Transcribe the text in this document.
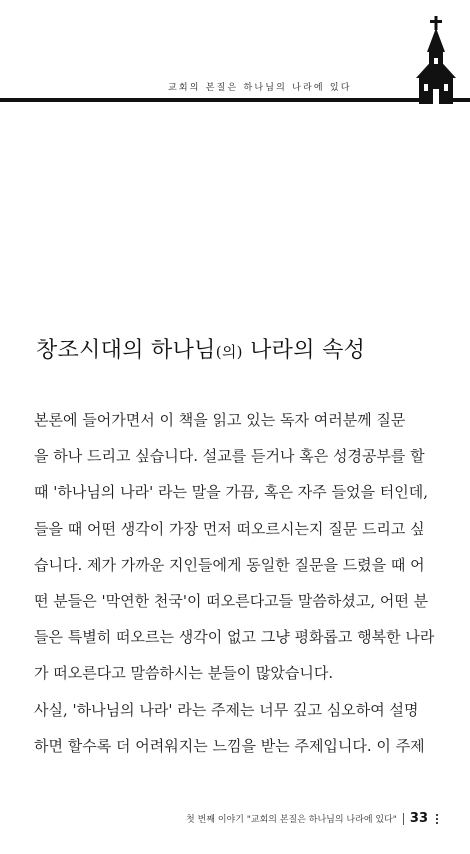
교회의 본질은 하나님의 나라에 있다
창조시대의 하나님(의) 나라의 속성
본론에 들어가면서 이 책을 읽고 있는 독자 여러분께 질문
을 하나 드리고 싶습니다. 설교를 듣거나 혹은 성경공부를 할
때 '하나님의 나라' 라는 말을 가끔, 혹은 자주 들었을 터인데,
들을 때 어떤 생각이 가장 먼저 떠오르시는지 질문 드리고 싶
습니다. 제가 가까운 지인들에게 동일한 질문을 드렸을 때 어
떤 분들은 '막연한 천국'이 떠오른다고들 말씀하셨고, 어떤 분
들은 특별히 떠오르는 생각이 없고 그냥 평화롭고 행복한 나라
가 떠오른다고 말씀하시는 분들이 많았습니다.
사실, '하나님의 나라' 라는 주제는 너무 깊고 심오하여 설명
하면 할수록 더 어려워지는 느낌을 받는 주제입니다. 이 주제
첫 번째 이야기 "교회의 본질은 하나님의 나라에 있다" 33
